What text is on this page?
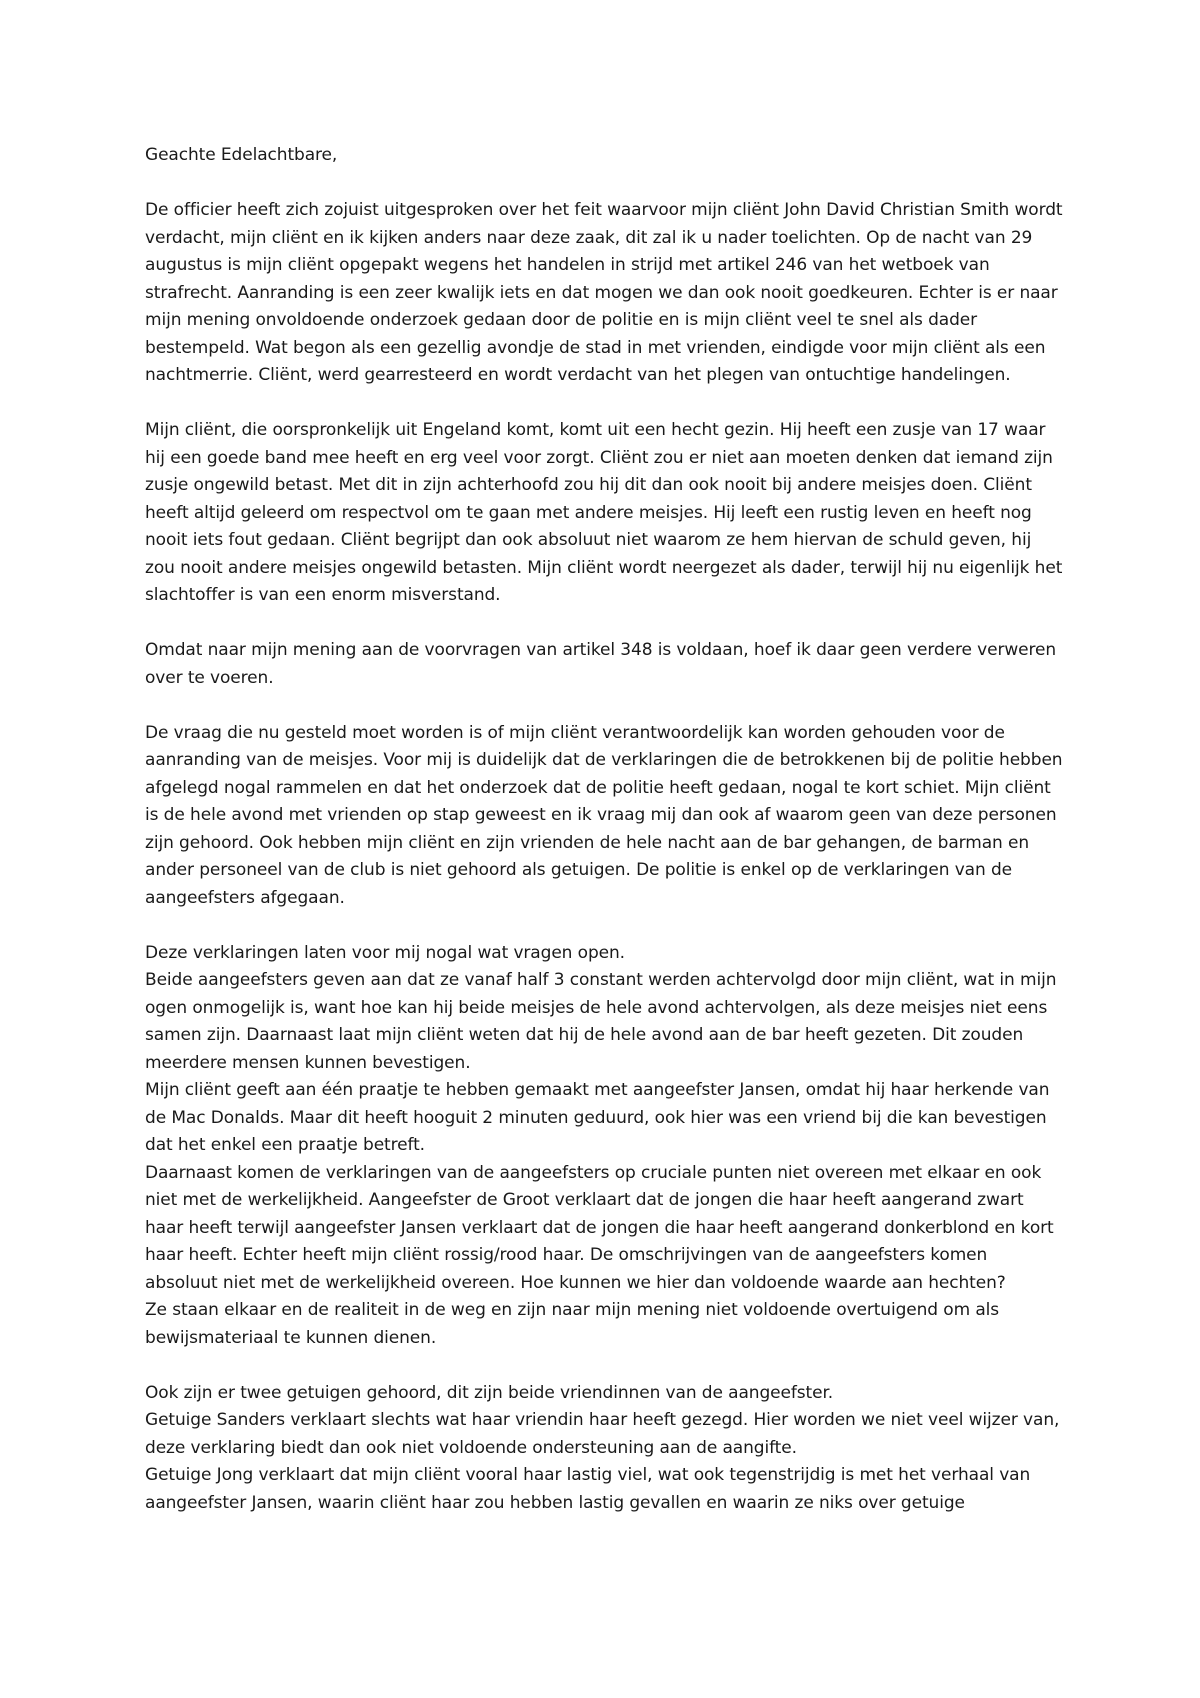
Geachte Edelachtbare,

De officier heeft zich zojuist uitgesproken over het feit waarvoor mijn cliënt John David Christian Smith wordt verdacht, mijn cliënt en ik kijken anders naar deze zaak, dit zal ik u nader toelichten. Op de nacht van 29 augustus is mijn cliënt opgepakt wegens het handelen in strijd met artikel 246 van het wetboek van strafrecht. Aanranding is een zeer kwalijk iets en dat mogen we dan ook nooit goedkeuren. Echter is er naar mijn mening onvoldoende onderzoek gedaan door de politie en is mijn cliënt veel te snel als dader bestempeld. Wat begon als een gezellig avondje de stad in met vrienden, eindigde voor mijn cliënt als een nachtmerrie. Cliënt, werd gearresteerd en wordt verdacht van het plegen van ontuchtige handelingen.

Mijn cliënt, die oorspronkelijk uit Engeland komt, komt uit een hecht gezin. Hij heeft een zusje van 17 waar hij een goede band mee heeft en erg veel voor zorgt. Cliënt zou er niet aan moeten denken dat iemand zijn zusje ongewild betast. Met dit in zijn achterhoofd zou hij dit dan ook nooit bij andere meisjes doen. Cliënt heeft altijd geleerd om respectvol om te gaan met andere meisjes. Hij leeft een rustig leven en heeft nog nooit iets fout gedaan. Cliënt begrijpt dan ook absoluut niet waarom ze hem hiervan de schuld geven, hij zou nooit andere meisjes ongewild betasten. Mijn cliënt wordt neergezet als dader, terwijl hij nu eigenlijk het slachtoffer is van een enorm misverstand.

Omdat naar mijn mening aan de voorvragen van artikel 348 is voldaan, hoef ik daar geen verdere verweren over te voeren.

De vraag die nu gesteld moet worden is of mijn cliënt verantwoordelijk kan worden gehouden voor de aanranding van de meisjes. Voor mij is duidelijk dat de verklaringen die de betrokkenen bij de politie hebben afgelegd nogal rammelen en dat het onderzoek dat de politie heeft gedaan, nogal te kort schiet. Mijn cliënt is de hele avond met vrienden op stap geweest en ik vraag mij dan ook af waarom geen van deze personen zijn gehoord. Ook hebben mijn cliënt en zijn vrienden de hele nacht aan de bar gehangen, de barman en ander personeel van de club is niet gehoord als getuigen. De politie is enkel op de verklaringen van de aangeefsters afgegaan.

Deze verklaringen laten voor mij nogal wat vragen open.

Beide aangeefsters geven aan dat ze vanaf half 3 constant werden achtervolgd door mijn cliënt, wat in mijn ogen onmogelijk is, want hoe kan hij beide meisjes de hele avond achtervolgen, als deze meisjes niet eens samen zijn. Daarnaast laat mijn cliënt weten dat hij de hele avond aan de bar heeft gezeten. Dit zouden meerdere mensen kunnen bevestigen.

Mijn cliënt geeft aan één praatje te hebben gemaakt met aangeefster Jansen, omdat hij haar herkende van de Mac Donalds. Maar dit heeft hooguit 2 minuten geduurd, ook hier was een vriend bij die kan bevestigen dat het enkel een praatje betreft.

Daarnaast komen de verklaringen van de aangeefsters op cruciale punten niet overeen met elkaar en ook niet met de werkelijkheid. Aangeefster de Groot verklaart dat de jongen die haar heeft aangerand zwart haar heeft terwijl aangeefster Jansen verklaart dat de jongen die haar heeft aangerand donkerblond en kort haar heeft. Echter heeft mijn cliënt rossig/rood haar. De omschrijvingen van de aangeefsters komen absoluut niet met de werkelijkheid overeen. Hoe kunnen we hier dan voldoende waarde aan hechten?

Ze staan elkaar en de realiteit in de weg en zijn naar mijn mening niet voldoende overtuigend om als bewijsmateriaal te kunnen dienen.

Ook zijn er twee getuigen gehoord, dit zijn beide vriendinnen van de aangeefster.

Getuige Sanders verklaart slechts wat haar vriendin haar heeft gezegd. Hier worden we niet veel wijzer van, deze verklaring biedt dan ook niet voldoende ondersteuning aan de aangifte.

Getuige Jong verklaart dat mijn cliënt vooral haar lastig viel, wat ook tegenstrijdig is met het verhaal van aangeefster Jansen, waarin cliënt haar zou hebben lastig gevallen en waarin ze niks over getuige
